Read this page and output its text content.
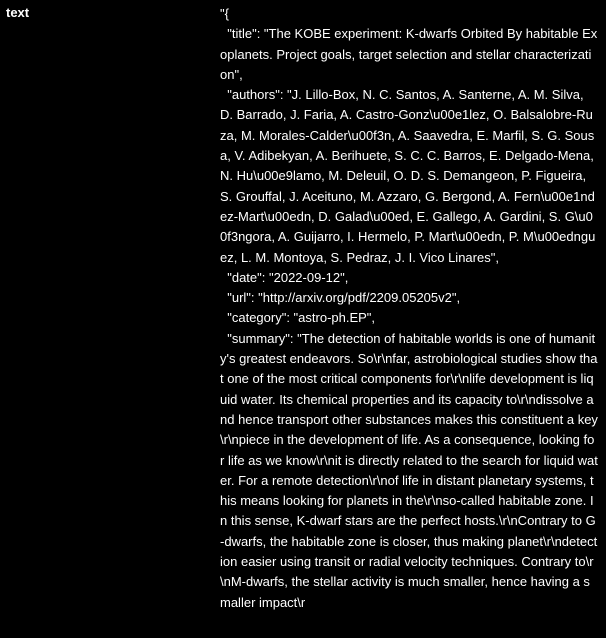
text	"{
"title": "The KOBE experiment: K-dwarfs Orbited By habitable Exoplanets. Project goals, target selection and stellar characterization",
"authors": "J. Lillo-Box, N. C. Santos, A. Santerne, A. M. Silva, D. Barrado, J. Faria, A. Castro-Gonz\u00e1lez, O. Balsalobre-Ruza, M. Morales-Calder\u00f3n, A. Saavedra, E. Marfil, S. G. Sousa, V. Adibekyan, A. Berihuete, S. C. C. Barros, E. Delgado-Mena, N. Hu\u00e9lamo, M. Deleuil, O. D. S. Demangeon, P. Figueira, S. Grouffal, J. Aceituno, M. Azzaro, G. Bergond, A. Fern\u00e1ndez-Mart\u00edn, D. Galad\u00ed, E. Gallego, A. Gardini, S. G\u00f3ngora, A. Guijarro, I. Hermelo, P. Mart\u00edn, P. M\u00ednguez, L. M. Montoya, S. Pedraz, J. I. Vico Linares",
"date": "2022-09-12",
"url": "http://arxiv.org/pdf/2209.05205v2",
"category": "astro-ph.EP",
"summary": "The detection of habitable worlds is one of humanity's greatest endeavors. So\r\nfar, astrobiological studies show that one of the most critical components for\r\nlife development is liquid water. Its chemical properties and its capacity to\r\ndissolve and hence transport other substances makes this constituent a key\r\npiece in the development of life. As a consequence, looking for life as we know\r\nit is directly related to the search for liquid water. For a remote detection\r\nof life in distant planetary systems, this means looking for planets in the\r\nso-called habitable zone. In this sense, K-dwarf stars are the perfect hosts.\r\nContrary to G-dwarfs, the habitable zone is closer, thus making planet\r\ndetection easier using transit or radial velocity techniques. Contrary to\r\nM-dwarfs, the stellar activity is much smaller, hence having a smaller impact\r
